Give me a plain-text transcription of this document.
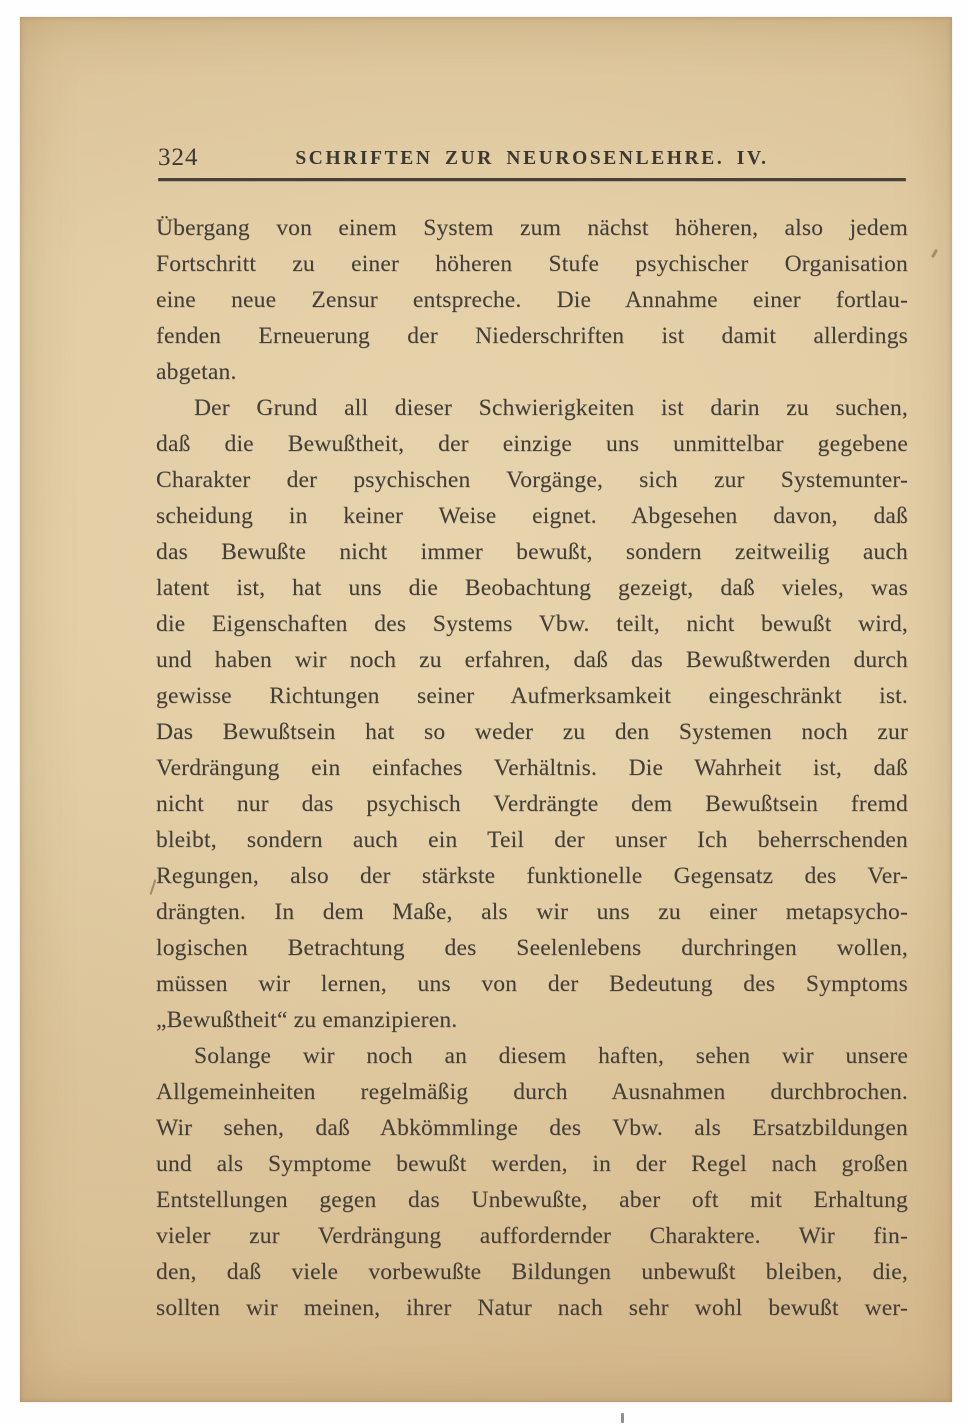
324	SCHRIFTEN ZUR NEUROSENLEHRE. IV.
Übergang von einem System zum nächst höheren, also jedem
Fortschritt zu einer höheren Stufe psychischer Organisation
eine neue Zensur entspreche. Die Annahme einer fortlau-
fenden Erneuerung der Niederschriften ist damit allerdings
abgetan.
Der Grund all dieser Schwierigkeiten ist darin zu suchen,
daß die Bewußtheit, der einzige uns unmittelbar gegebene
Charakter der psychischen Vorgänge, sich zur Systemunter-
scheidung in keiner Weise eignet. Abgesehen davon, daß
das Bewußte nicht immer bewußt, sondern zeitweilig auch
latent ist, hat uns die Beobachtung gezeigt, daß vieles, was
die Eigenschaften des Systems Vbw. teilt, nicht bewußt wird,
und haben wir noch zu erfahren, daß das Bewußtwerden durch
gewisse Richtungen seiner Aufmerksamkeit eingeschränkt ist.
Das Bewußtsein hat so weder zu den Systemen noch zur
Verdrängung ein einfaches Verhältnis. Die Wahrheit ist, daß
nicht nur das psychisch Verdrängte dem Bewußtsein fremd
bleibt, sondern auch ein Teil der unser Ich beherrschenden
Regungen, also der stärkste funktionelle Gegensatz des Ver-
drängten. In dem Maße, als wir uns zu einer metapsycho-
logischen Betrachtung des Seelenlebens durchringen wollen,
müssen wir lernen, uns von der Bedeutung des Symptoms
„Bewußtheit“ zu emanzipieren.
Solange wir noch an diesem haften, sehen wir unsere
Allgemeinheiten regelmäßig durch Ausnahmen durchbrochen.
Wir sehen, daß Abkömmlinge des Vbw. als Ersatzbildungen
und als Symptome bewußt werden, in der Regel nach großen
Entstellungen gegen das Unbewußte, aber oft mit Erhaltung
vieler zur Verdrängung auffordernder Charaktere. Wir fin-
den, daß viele vorbewußte Bildungen unbewußt bleiben, die,
sollten wir meinen, ihrer Natur nach sehr wohl bewußt wer-
